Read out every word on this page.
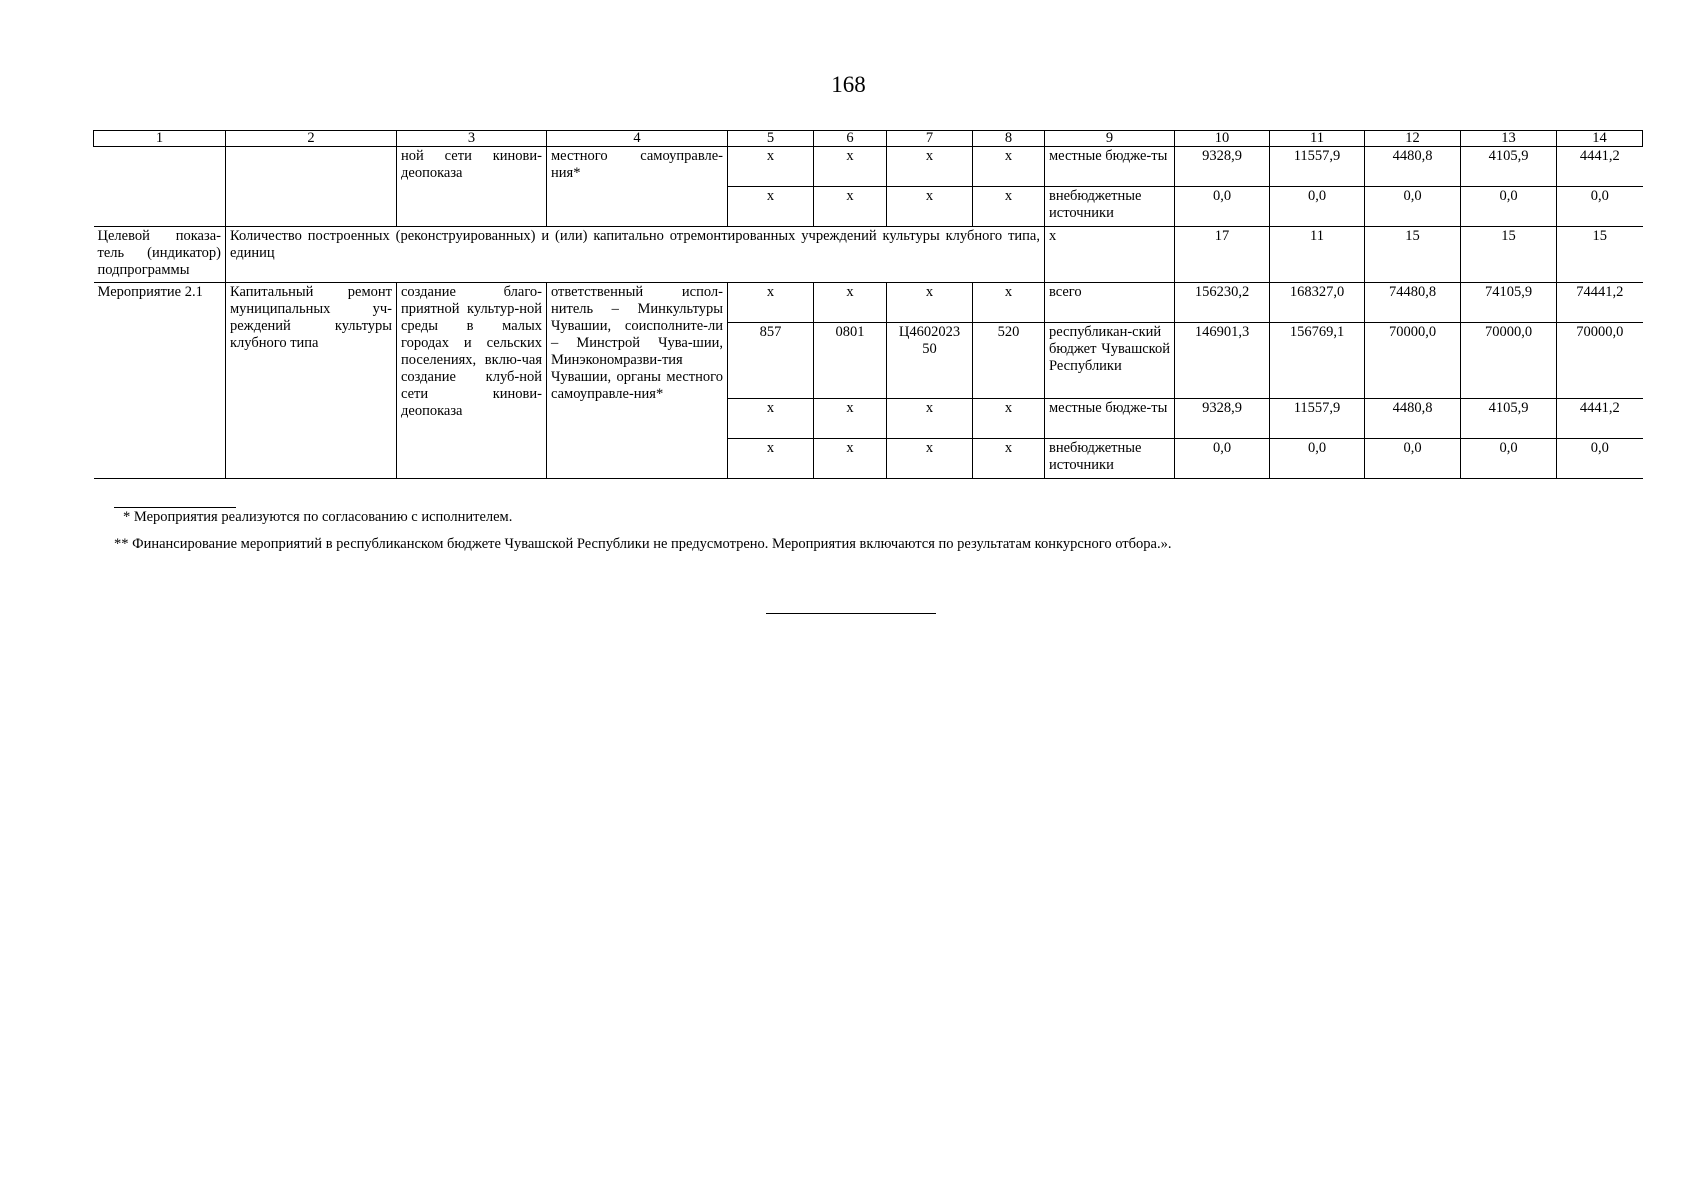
168
1	2	3	4	5	6	7	8	9	10	11	12	13	14
		ной сети кинови-деопоказа	местного самоуправле-ния*	x	x	x	x	местные бюдже-ты	9328,9	11557,9	4480,8	4105,9	4441,2
				x	x	x	x	внебюджетные источники	0,0	0,0	0,0	0,0	0,0
Целевой показа-тель (индикатор) подпрограммы	Количество построенных (реконструированных) и (или) капитально отремонтированных учреждений культуры клубного типа, единиц							x	17	11	15	15	15
Мероприятие 2.1	Капитальный ремонт муниципальных уч-реждений культуры клубного типа	создание благо-приятной культур-ной среды в малых городах и сельских поселениях, вклю-чая создание клуб-ной сети кинови-деопоказа	ответственный испол-нитель – Минкультуры Чувашии, соисполните-ли – Минстрой Чува-шии, Минэкономразви-тия Чувашии, органы местного самоуправле-ния*	x	x	x	x	всего	156230,2	168327,0	74480,8	74105,9	74441,2
				857	0801	Ц4602023 50	520	республикан-ский бюджет Чувашской Республики	146901,3	156769,1	70000,0	70000,0	70000,0
				x	x	x	x	местные бюдже-ты	9328,9	11557,9	4480,8	4105,9	4441,2
				x	x	x	x	внебюджетные источники	0,0	0,0	0,0	0,0	0,0
* Мероприятия реализуются по согласованию с исполнителем.
** Финансирование мероприятий в республиканском бюджете Чувашской Республики не предусмотрено. Мероприятия включаются по результатам конкурсного отбора.».
